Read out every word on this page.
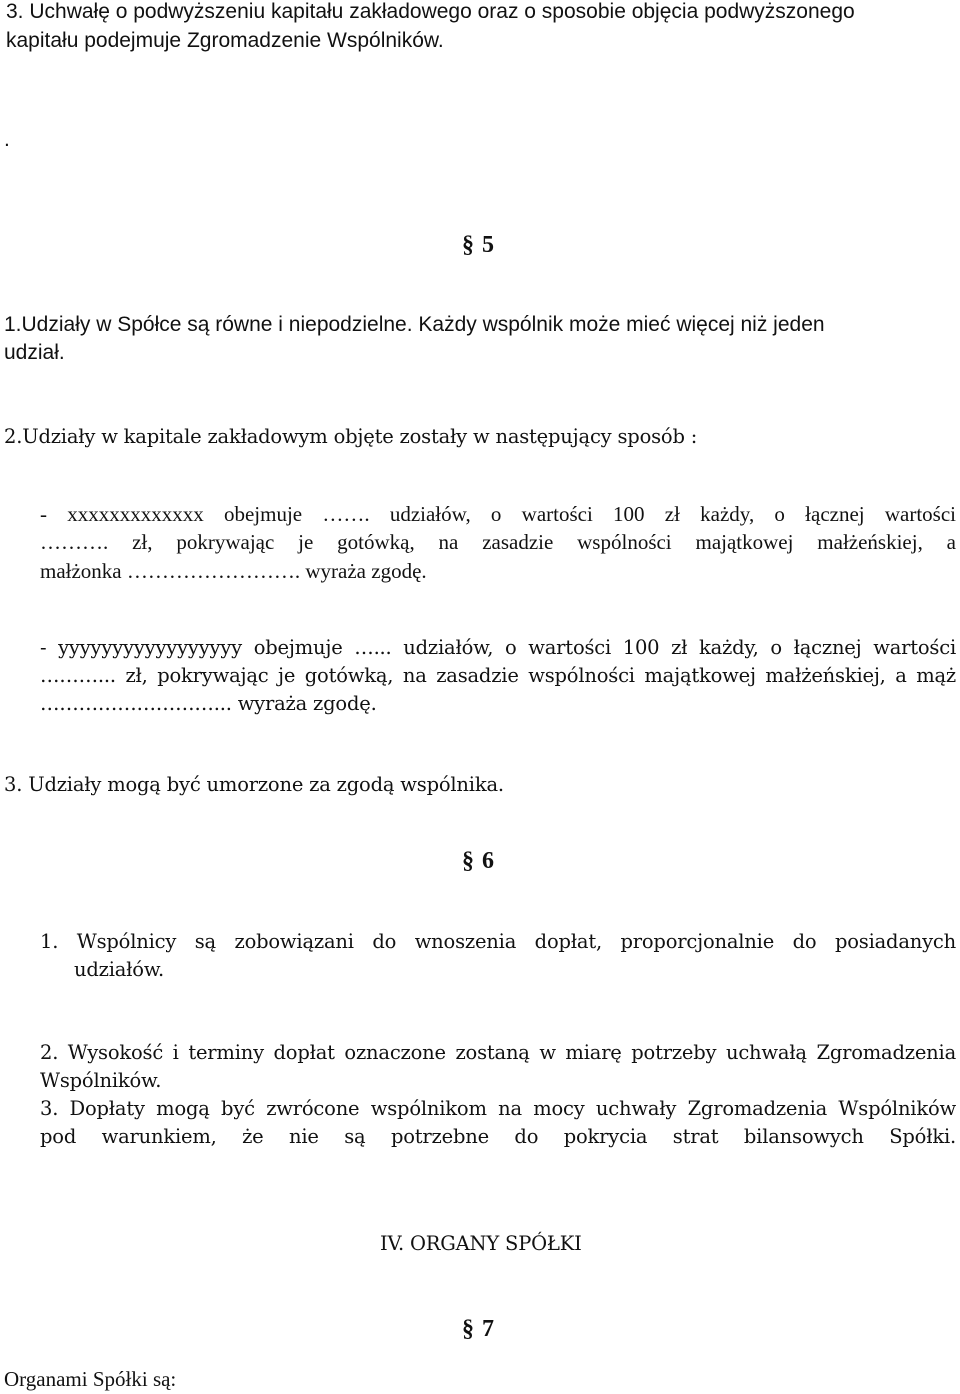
3. Uchwałę o podwyższeniu kapitału zakładowego oraz o sposobie objęcia podwyższonego

kapitału podejmuje Zgromadzenie Wspólników.

.

§ 5

1.Udziały w Spółce są równe i niepodzielne. Każdy wspólnik może mieć więcej niż jeden

udział.

2.Udziały w kapitale zakładowym objęte zostały w następujący sposób :

- xxxxxxxxxxxxx obejmuje ……. udziałów, o wartości 100 zł każdy, o łącznej wartości

………. zł, pokrywając je gotówką, na zasadzie wspólności majątkowej małżeńskiej, a

małżonka ……………………. wyraża zgodę.

- yyyyyyyyyyyyyyyyy obejmuje …... udziałów, o wartości 100 zł każdy, o łącznej wartości

………... zł, pokrywając je gotówką, na zasadzie wspólności majątkowej małżeńskiej, a mąż

………………………... wyraża zgodę.

3. Udziały mogą być umorzone za zgodą wspólnika.

§ 6

1. Wspólnicy są zobowiązani do wnoszenia dopłat, proporcjonalnie do posiadanych

udziałów.

2. Wysokość i terminy dopłat oznaczone zostaną w miarę potrzeby uchwałą Zgromadzenia

Wspólników.

3. Dopłaty mogą być zwrócone wspólnikom na mocy uchwały Zgromadzenia Wspólników

pod warunkiem, że nie są potrzebne do pokrycia strat bilansowych Spółki.

IV. ORGANY SPÓŁKI

§ 7

Organami Spółki są:
